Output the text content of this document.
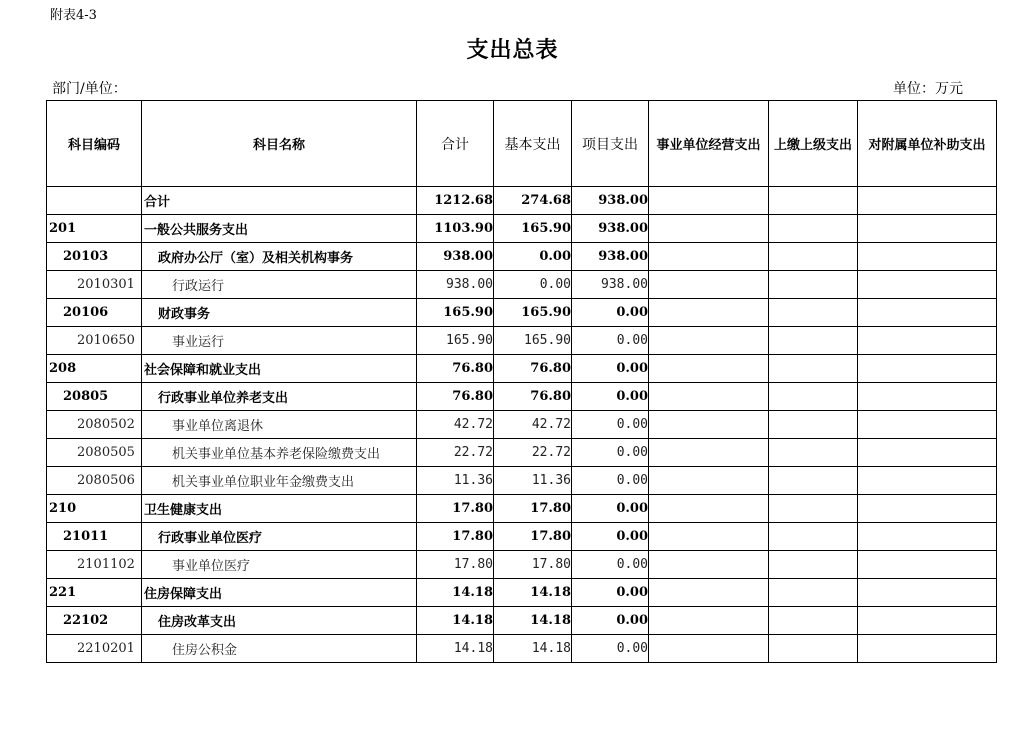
附表4-3
支出总表
部门/单位：	单位：万元
科目编码	科目名称	合计	基本支出	项目支出	事业单位经营支出	上缴上级支出	对附属单位补助支出
	合计	1212.68	274.68	938.00			
201	一般公共服务支出	1103.90	165.90	938.00			
20103	政府办公厅（室）及相关机构事务	938.00	0.00	938.00			
2010301	行政运行	938.00	0.00	938.00			
20106	财政事务	165.90	165.90	0.00			
2010650	事业运行	165.90	165.90	0.00			
208	社会保障和就业支出	76.80	76.80	0.00			
20805	行政事业单位养老支出	76.80	76.80	0.00			
2080502	事业单位离退休	42.72	42.72	0.00			
2080505	机关事业单位基本养老保险缴费支出	22.72	22.72	0.00			
2080506	机关事业单位职业年金缴费支出	11.36	11.36	0.00			
210	卫生健康支出	17.80	17.80	0.00			
21011	行政事业单位医疗	17.80	17.80	0.00			
2101102	事业单位医疗	17.80	17.80	0.00			
221	住房保障支出	14.18	14.18	0.00			
22102	住房改革支出	14.18	14.18	0.00			
2210201	住房公积金	14.18	14.18	0.00			
